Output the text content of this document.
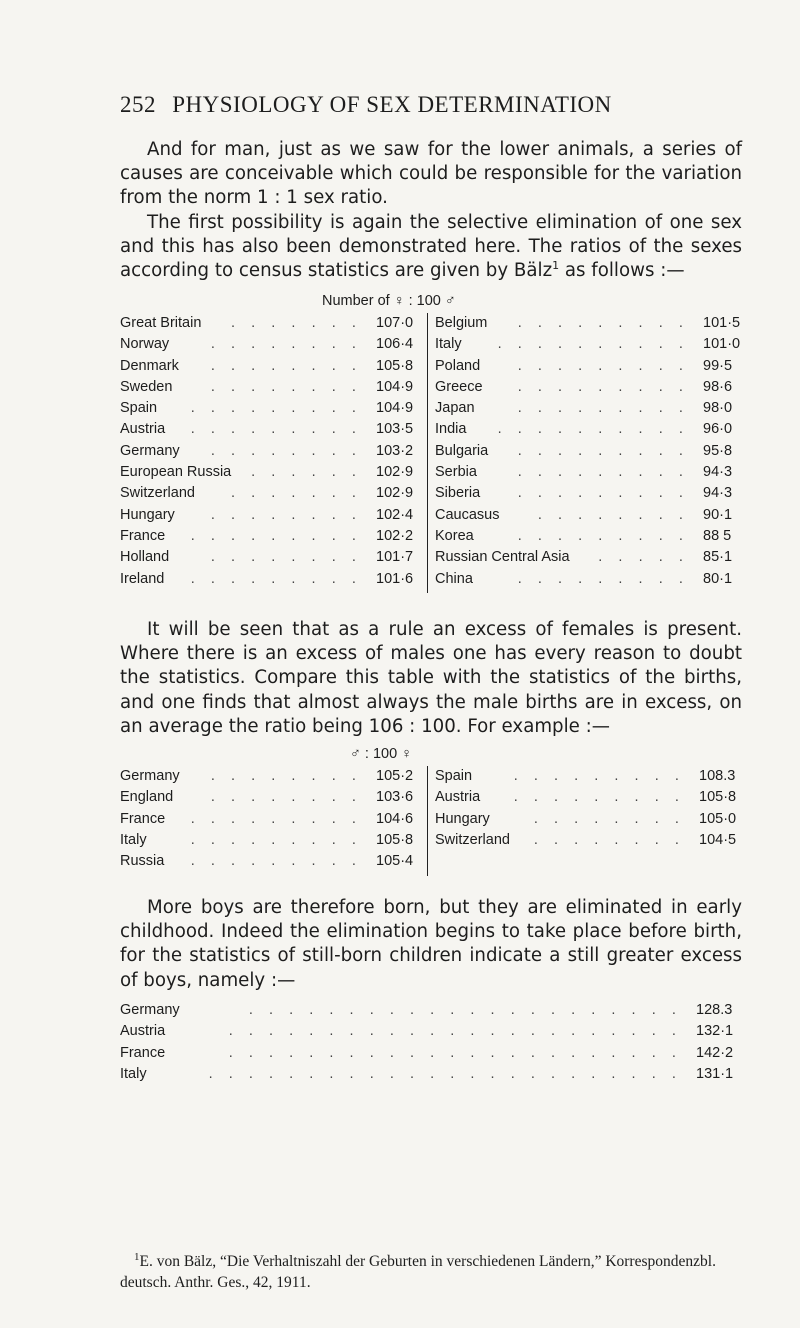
252 PHYSIOLOGY OF SEX DETERMINATION

And for man, just as we saw for the lower animals, a series of causes are conceivable which could be responsible for the variation from the norm 1 : 1 sex ratio.

The first possibility is again the selective elimination of one sex and this has also been demonstrated here. The ratios of the sexes according to census statistics are given by Bälz$^1$ as follows :—

Number of ♀ : 100 ♂
Great Britain	.    .    .    .    .    .    . 107·0
Norway	.    .    .    .    .    .    .    . 106·4
Denmark	.    .    .    .    .    .    .    . 105·8
Sweden	.    .    .    .    .    .    .    . 104·9
Spain	.    .    .    .    .    .    .    .    . 104·9
Austria	.    .    .    .    .    .    .    .    . 103·5
Germany	.    .    .    .    .    .    .    . 103·2
European Russia	.    .    .    .    .    . 102·9
Switzerland	.    .    .    .    .    .    . 102·9
Hungary	.    .    .    .    .    .    .    . 102·4
France	.    .    .    .    .    .    .    .    . 102·2
Holland	.    .    .    .    .    .    .    . 101·7
Ireland	.    .    .    .    .    .    .    .    . 101·6
Belgium	.    .    .    .    .    .    .    .    . 101·5
Italy	.    .    .    .    .    .    .    .    .    . 101·0
Poland	.    .    .    .    .    .    .    .    . 99·5
Greece	.    .    .    .    .    .    .    .    . 98·6
Japan	.    .    .    .    .    .    .    .    . 98·0
India	.    .    .    .    .    .    .    .    .    . 96·0
Bulgaria	.    .    .    .    .    .    .    .    . 95·8
Serbia	.    .    .    .    .    .    .    .    . 94·3
Siberia	.    .    .    .    .    .    .    .    . 94·3
Caucasus	.    .    .    .    .    .    .    . 90·1
Korea	.    .    .    .    .    .    .    .    . 88 5
Russian Central Asia	.    .    .    .    . 85·1
China	.    .    .    .    .    .    .    .    . 80·1

It will be seen that as a rule an excess of females is present. Where there is an excess of males one has every reason to doubt the statistics. Compare this table with the statistics of the births, and one finds that almost always the male births are in excess, on an average the ratio being 106 : 100. For example :—

♂ : 100 ♀
Germany	.    .    .    .    .    .    .    . 105·2
England	.    .    .    .    .    .    .    . 103·6
France	.    .    .    .    .    .    .    .    . 104·6
Italy	.    .    .    .    .    .    .    .    . 105·8
Russia	.    .    .    .    .    .    .    .    . 105·4
Spain	.    .    .    .    .    .    .    .    . 108.3
Austria	.    .    .    .    .    .    .    .    . 105·8
Hungary	.    .    .    .    .    .    .    . 105·0
Switzerland	.    .    .    .    .    .    .    . 104·5

More boys are therefore born, but they are eliminated in early childhood. Indeed the elimination begins to take place before birth, for the statistics of still-born children indicate a still greater excess of boys, namely :—

Germany	.    .    .    .    .    .    .    .    .    .    .    .    .    .    .    .    .    .    .    .    .    . 128.3
Austria	.    .    .    .    .    .    .    .    .    .    .    .    .    .    .    .    .    .    .    .    .    .    . 132·1
France	.    .    .    .    .    .    .    .    .    .    .    .    .    .    .    .    .    .    .    .    .    .    . 142·2
Italy	.    .    .    .    .    .    .    .    .    .    .    .    .    .    .    .    .    .    .    .    .    .    .    . 131·1
$^1$E. von Bälz, “Die Verhaltniszahl der Geburten in verschiedenen Ländern,” Korrespondenzbl. deutsch. Anthr. Ges., 42, 1911.
